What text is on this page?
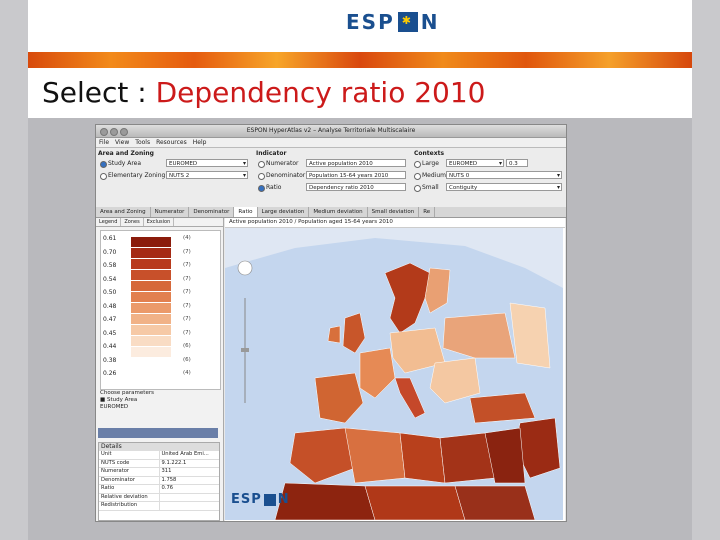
ESP
✱ N
Select : Dependency ratio 2010
ESPON HyperAtlas v2 – Analyse Territoriale Multiscalaire
File View Tools Resources Help
Area and Zoning
Study Area	EUROMED ▾
Elementary Zoning NUTS 2 ▾
Indicator
Numerator	Active population 2010
Denominator Population 15-64 years 2010
Ratio	Dependency ratio 2010
Contexts
Large	EUROMED ▾	0.3
Medium NUTS 0 ▾
Small	Contiguity ▾
Area and Zoning	Numerator	Denominator	Ratio	Large deviation	Medium deviation	Small deviation	Re
Legend	Zones	Exclusion
0.61	(4)
0.70	(7)
0.58	(7)
0.54	(7)
0.50	(7)
0.48	(7)
0.47	(7)
0.45	(7)
0.44	(6)
0.38	(6)
0.26	(4)
Choose parameters
■ Study Area
EUROMED
Details
Unit	United Arab Emi...
NUTS code	9.1.222.1
Numerator	311
Denominator	1.758
Ratio	0.76
Relative deviation
Redistribution
Active population 2010 / Population aged 15-64 years 2010
ESP N
